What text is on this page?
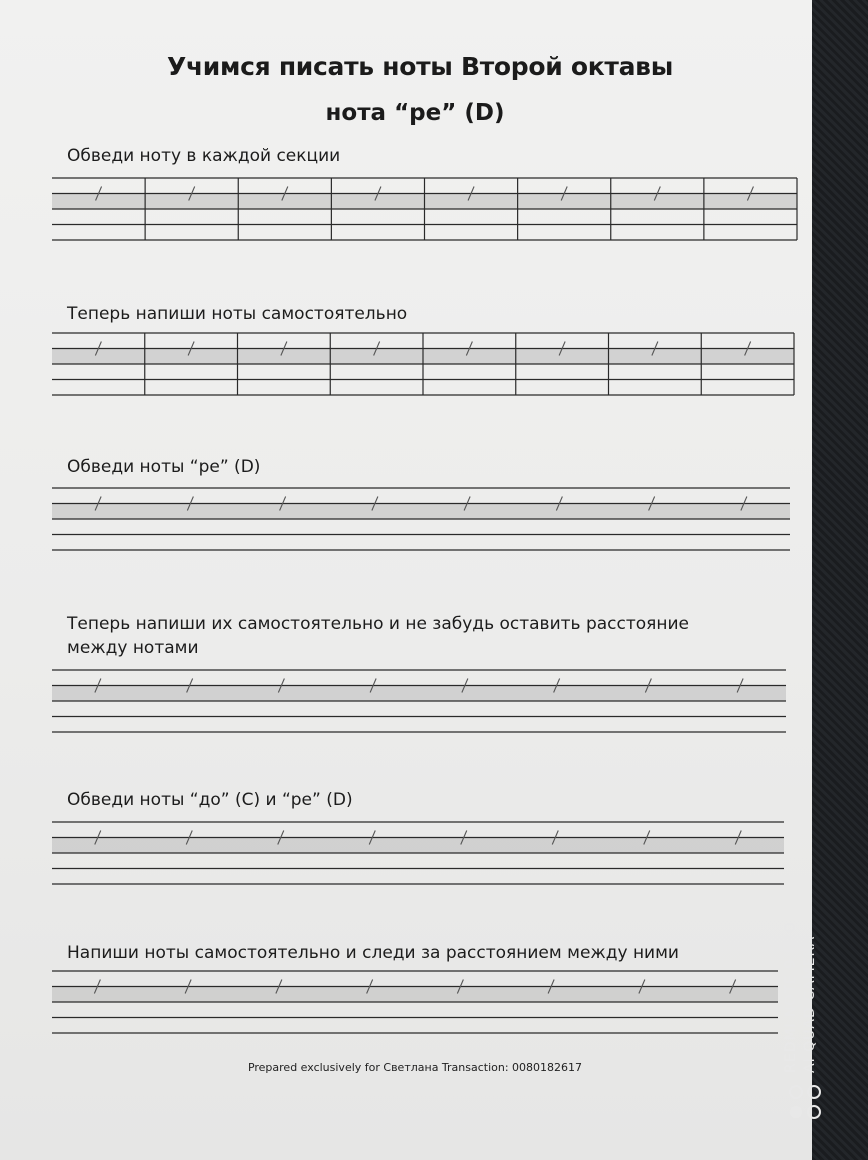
Учимся писать ноты Второй октавы
нота “ре” (D)

Обведи ноту в каждой секции

Теперь напиши ноты самостоятельно

Обведи ноты “ре” (D)

Теперь напиши их самостоятельно и не забудь оставить расстояние между нотами

Обведи ноты “до” (C) и “ре” (D)

Напиши ноты самостоятельно и следи за расстоянием между ними

Prepared exclusively for Светлана Transaction: 0080182617	REDMI NOTE 9 PRO AI QUAD CAMERA
